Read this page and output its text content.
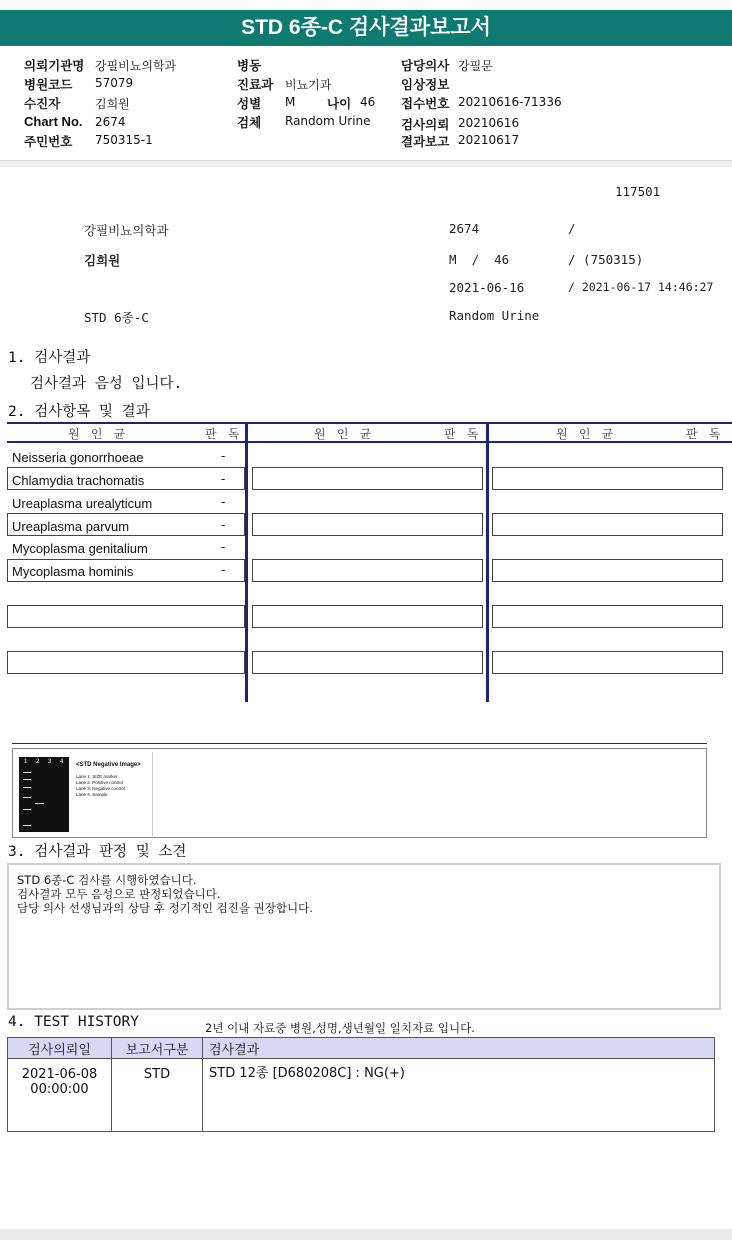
STD 6종-C 검사결과보고서
의뢰기관명 강필비뇨의학과
병원코드 57079
수진자	김희원
Chart No. 2674
주민번호 750315-1
병동
진료과 비뇨기과
성별 M	나이 46
검체 Random Urine
담당의사 강필문
임상정보
접수번호 20210616-71336
검사의뢰 20210616
결과보고 20210617
117501
강필비뇨의학과	2674	/
김희원	M  /  46	/ (750315)
2021-06-16	/ 2021-06-17 14:46:27
STD 6종-C	Random Urine
1. 검사결과
검사결과 음성 입니다.
2. 검사항목 및 결과
원 인 균	판 독	원 인 균	판 독	원 인 균	판 독
Neisseria gonorrhoeae	-
Chlamydia trachomatis	-
Ureaplasma urealyticum	-
Ureaplasma parvum	-
Mycoplasma genitalium	-
Mycoplasma hominis	-
1 2 3 4 <STD Negative Image>
Lane 1. SIZE marker
Lane 2. Positive control
Lane 3. Negative control
Lane 4. Sample
3. 검사결과 판정 및 소견
STD 6종-C 검사를 시행하였습니다.
검사결과 모두 음성으로 판정되었습니다.
담당 의사 선생님과의 상담 후 정기적인 검진을 권장합니다.
4. TEST HISTORY	2년 이내 자료중 병원,성명,생년월일 일치자료 입니다.
검사의뢰일	보고서구분	검사결과

2021-06-08
00:00:00	STD	STD 12종 [D680208C] : NG(+)
